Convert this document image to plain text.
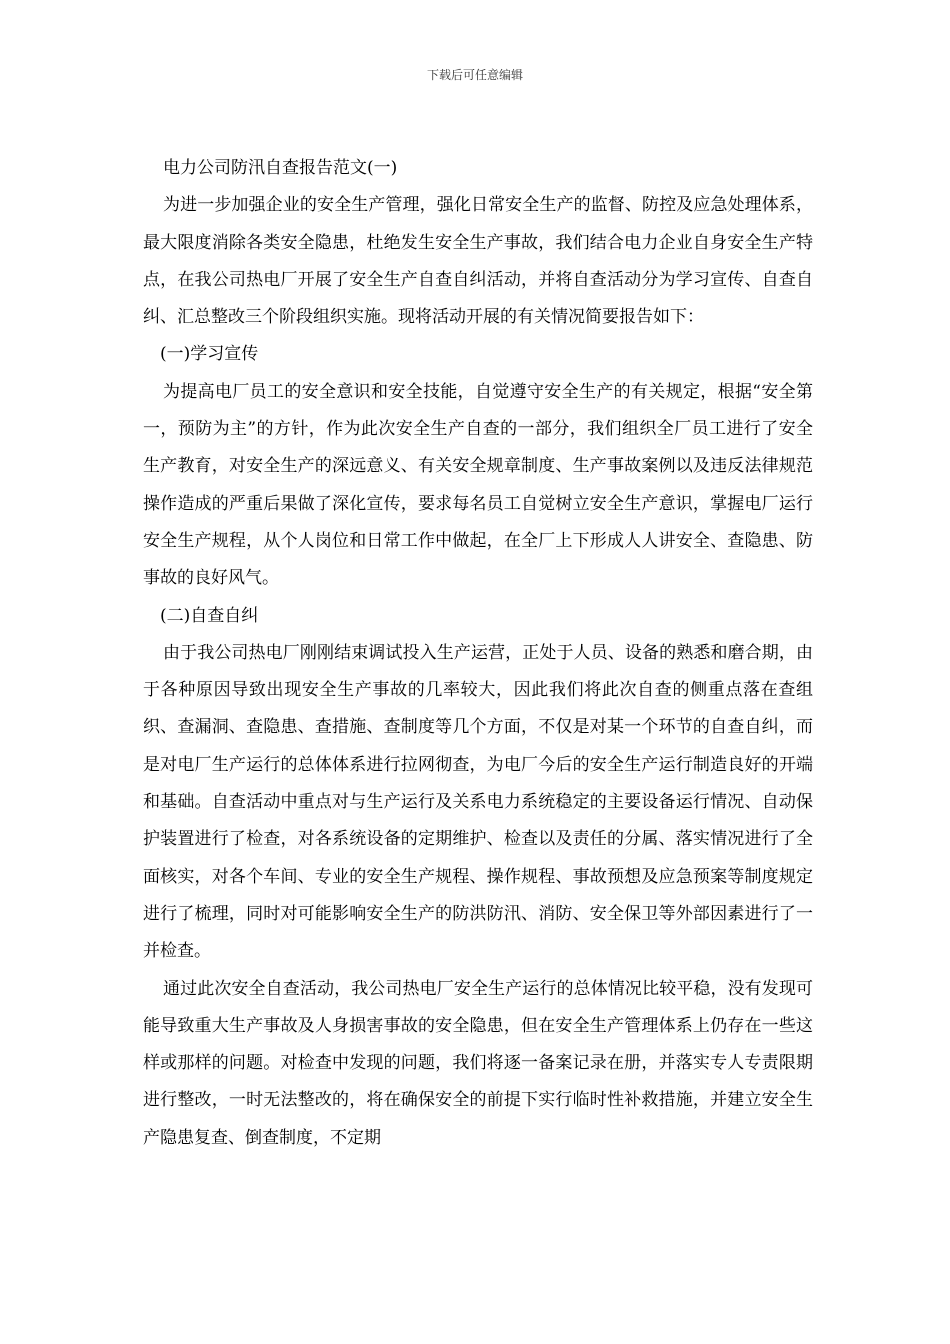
下载后可任意编辑

电力公司防汛自查报告范文(一)

为进一步加强企业的安全生产管理，强化日常安全生产的监督、防控及应急处理体系，最大限度消除各类安全隐患，杜绝发生安全生产事故，我们结合电力企业自身安全生产特点，在我公司热电厂开展了安全生产自查自纠活动，并将自查活动分为学习宣传、自查自纠、汇总整改三个阶段组织实施。现将活动开展的有关情况简要报告如下：

(一)学习宣传

为提高电厂员工的安全意识和安全技能，自觉遵守安全生产的有关规定，根据“安全第一，预防为主”的方针，作为此次安全生产自查的一部分，我们组织全厂员工进行了安全生产教育，对安全生产的深远意义、有关安全规章制度、生产事故案例以及违反法律规范操作造成的严重后果做了深化宣传，要求每名员工自觉树立安全生产意识，掌握电厂运行安全生产规程，从个人岗位和日常工作中做起，在全厂上下形成人人讲安全、查隐患、防事故的良好风气。

(二)自查自纠

由于我公司热电厂刚刚结束调试投入生产运营，正处于人员、设备的熟悉和磨合期，由于各种原因导致出现安全生产事故的几率较大，因此我们将此次自查的侧重点落在查组织、查漏洞、查隐患、查措施、查制度等几个方面，不仅是对某一个环节的自查自纠，而是对电厂生产运行的总体体系进行拉网彻查，为电厂今后的安全生产运行制造良好的开端和基础。自查活动中重点对与生产运行及关系电力系统稳定的主要设备运行情况、自动保护装置进行了检查，对各系统设备的定期维护、检查以及责任的分属、落实情况进行了全面核实，对各个车间、专业的安全生产规程、操作规程、事故预想及应急预案等制度规定进行了梳理，同时对可能影响安全生产的防洪防汛、消防、安全保卫等外部因素进行了一并检查。

通过此次安全自查活动，我公司热电厂安全生产运行的总体情况比较平稳，没有发现可能导致重大生产事故及人身损害事故的安全隐患，但在安全生产管理体系上仍存在一些这样或那样的问题。对检查中发现的问题，我们将逐一备案记录在册，并落实专人专责限期进行整改，一时无法整改的，将在确保安全的前提下实行临时性补救措施，并建立安全生产隐患复查、倒查制度，不定期
